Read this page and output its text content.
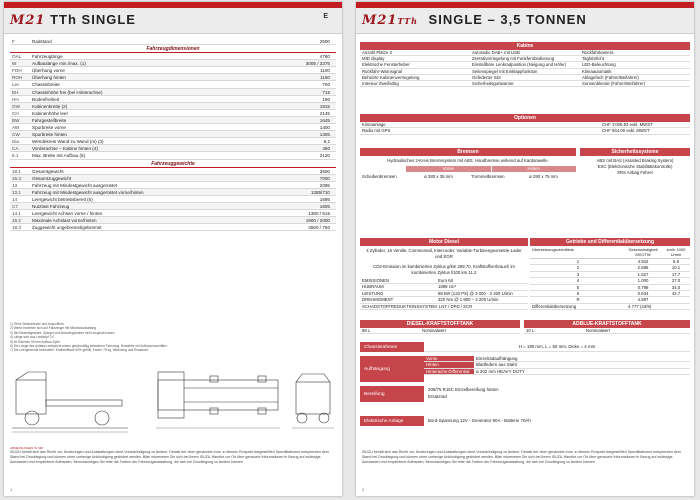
M21 TTh SINGLE	E
F	Radstand	2500
Fahrzeugdimensionen
OAL	Fahrzeuglänge	4760
W	Aufbaulänge min./max. (1)	3005 / 3375
FOH	Überhang vorne	1100
ROH	Überhang hinten	1160
Lec	Chassisbreite	700
EH	Chassishöhe frei (bei Hinterachse)	715
HH	Bodenfreiheit	190
OW	Kabinenbreite (2)	1815
CH	Kabinenhöhe leer	2145
BW	Fahrgestellbreite	1645
AW	Spurbreite vorne	1400
CW	Spurbreite hinten	1305
Dia	Wendekreis Wand zu Wand (m) (3)	9,2
CA	Vorderachse – Kabine hinten (4)	450
6.1	Max. Breite mit Aufbau (5)	2120
Fahrzeuggewichte
18.1	Gesamtgewicht	3500
16.3	Gesamtzuggewicht	7000
13	Fahrzeug mit Mindestgewicht ausgerüstet	2095
13.1	Fahrzeug mit Mindestgewicht ausgerüstet vorne/hinten	1385/710
14	Leergewicht betriebsbereit (6)	1695
C7	Nutzlast Fahrzeug	1605
14.1	Leergewicht Achsen vorne / hinten	1380 / 515
16.2	Maximale Achslast vorne/hinten	1900 / 2000
18.3	Zuggewicht ungebremst/gebremst	3500 / 750
1) Ohne Seitenbleche und Auspuffrohr
2) Werte beziehen sich auf Fahrzeuge mit Mindestaustattung
3) Bei Mindestgewicht: Spiegel und Abschlepphaken nicht eingeschlossen
4) Länge sich aus Lenkkopf 2.0
5) Im Rahmen 50 mm Aufbau-Spiel
6) Die Länge des Aufbaus entspricht einem gleichmäßig beladenen Fahrzeug. Hersteller mit Aufbauvorschriften.
7) Die Leergewichte beinhalten: Kraftstofftank 90% gefüllt, Fahrer 75 kg, Werkzeug und Ersatzrad.
ABMESSUNGEN IN MM
ISUZU behält sich das Recht vor, Änderungen und Ausstattungen ohne Vorankündigung zu ändern. Details der oben genannten bzw. in diesem Prospekt dargestellten Spezifikationen entsprechen dem Stand bei Drucklegung und können ohne vorherige Ankündigung geändert werden. Bitte informieren Sie sich bei Ihrem ISUZU-Händler vor Ort über genauere Informationen in Bezug auf zulässige Achslasten und empfohlene Aufbauten. Berücksichtigen Sie bitte die Farben der Fahrzeugausstattung, die sich bei Drucklegung zu ändern können.
1
M21TTh SINGLE – 3,5 TONNEN
Kabine
Anzahl Plätze 3	Autoradio DAB+ mit USB	Rückfahrkamera
MID display	Zentralverriegelung mit Funkfernbedienung	Tagfahrlicht
Elektrische Fensterheber	Einstellbare Lenkradposition (Neigung und Höhe)	LED-Beleuchtung
Rückfahr-Warnsignal	Seitenspiegel mit Einklappfunktion	Klimaautomatik
Beheizte Kabinenverriegelung	Gefederter Sitz	Ablagefach (Fahrer/Beifahrer)
Interieur Zweifarbig	Sicherheitsgurtwarner	Sonnenblende (Fahrer/Beifahrer)
Optionen
Klimaanlage	CHF 1'005.93 exkl. MWST
Radio mit GPS	CHF 944.00 exkl. MWST
Bremsen
Hydraulisches 2-Kreis Bremssystem mit ABS. Handbremse wirkend auf Kardanwelle.
Vorne	Hinten
Scheibenbremsen	ø 280 x 35 mm	Trommelbremsen	ø 290 x 75 mm
Sicherheitssysteme
ABS mit BAS (Assisted Braking System)
ESC (Elektronische Stabilitätskontrolle)
SRS Airbag Fahrer
Motor Diesel
4 Zylinder, 16 Ventile, Commonrail, Intercooler, Variable-Turbinengeometrie-Lader und EGR
CO2-Emission im kombinierten Zyklus g/km 269.70, Kraftstoffverbrauch im kombinierten Zyklus l/100 km 11.2
EMISSIONEN	Euro 6d
HUBRAUM	1898 cm³
LEISTUNG	88 kW (120 PS) @ 3 000 - 3 200 U/min
DREHMOMENT	320 Nm @ 1 800 – 2 200 U/min
SCHADSTOFFREDUKTIONSSYSTEM LNT / DPD / SCR
Getriebe und Differentialübersetzung
Übersetzungsverhältnis	Geschwindigkeit
MVOTW
km/h 1000 U/min
1	4.942	5.5
2	2.686	10.1
3	1.527	17.7
4	1.000	27.0
5	0.798	34.0
6	0.634	42.7
R	4.597
Differentialübersetzung	4.777 (43/9)
DIESEL-KRAFTSTOFFTANK
88 L	Nominalwert
ADBLUE-KRAFTSTOFFTANK
10 L	Nominalwert
Chassisrahmen	H = 180 mm, L = 50 mm, Dicke = 4 mm
Aufhängung
Vorne	Einzelradaufhängung
Hinten	Blattfedern aus Stahl
Hinterachs-Differential	ø 202 mm HEAVY DUTY
Bereifung
205/75 R16C Einzelbereifung hinten
Ersatzrad
Elektrische Anlage	Bord-Spannung 12V - Generator 90A - Batterie 70Ah
ISUZU behält sich das Recht vor, Änderungen und Ausstattungen ohne Vorankündigung zu ändern. Details der oben genannten bzw. in diesem Prospekt dargestellten Spezifikationen entsprechen dem Stand bei Drucklegung und können ohne vorherige Ankündigung geändert werden. Bitte informieren Sie sich bei Ihrem ISUZU-Händler vor Ort über genauere Informationen in Bezug auf zulässige Achslasten und empfohlene Aufbauten. Berücksichtigen Sie bitte die Farben der Fahrzeugausstattung, die sich bei Drucklegung zu ändern können.
2
